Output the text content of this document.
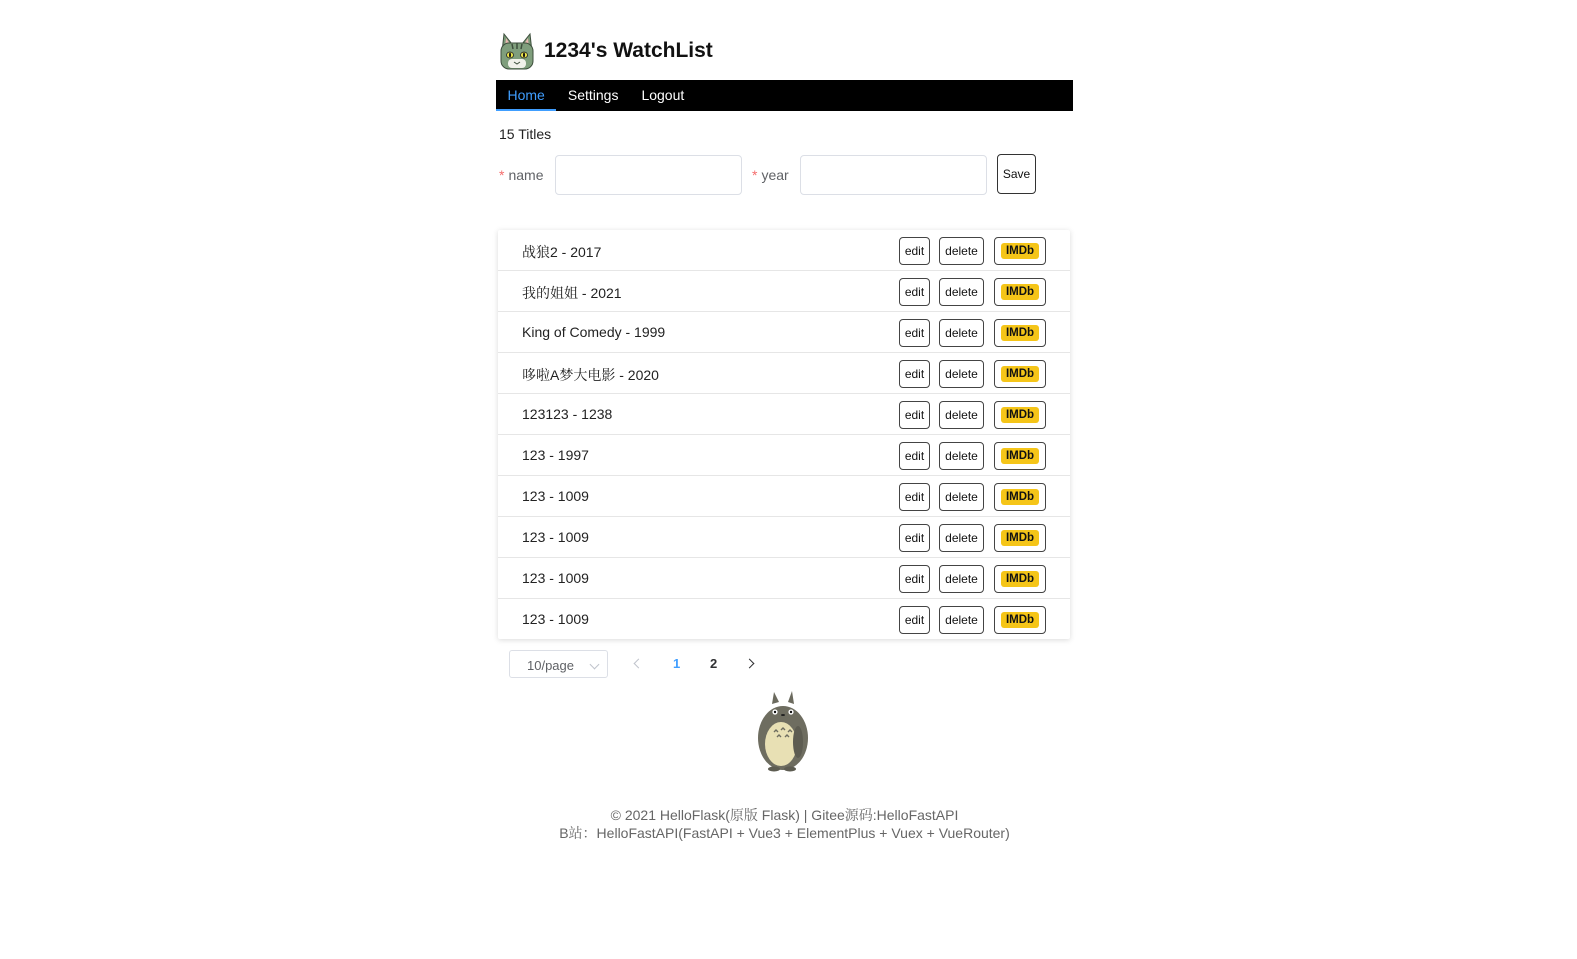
1234's WatchList
Home	Settings	Logout
15 Titles
* name	* year	Save
战狼2 - 2017	edit	delete	IMDb
我的姐姐 - 2021	edit	delete	IMDb
King of Comedy - 1999	edit	delete	IMDb
哆啦A梦大电影 - 2020	edit	delete	IMDb
123123 - 1238	edit	delete	IMDb
123 - 1997	edit	delete	IMDb
123 - 1009	edit	delete	IMDb
123 - 1009	edit	delete	IMDb
123 - 1009	edit	delete	IMDb
123 - 1009	edit	delete	IMDb
10/page	1 2
© 2021 HelloFlask(原版 Flask) | Gitee源码:HelloFastAPI
B站：HelloFastAPI(FastAPI + Vue3 + ElementPlus + Vuex + VueRouter)
